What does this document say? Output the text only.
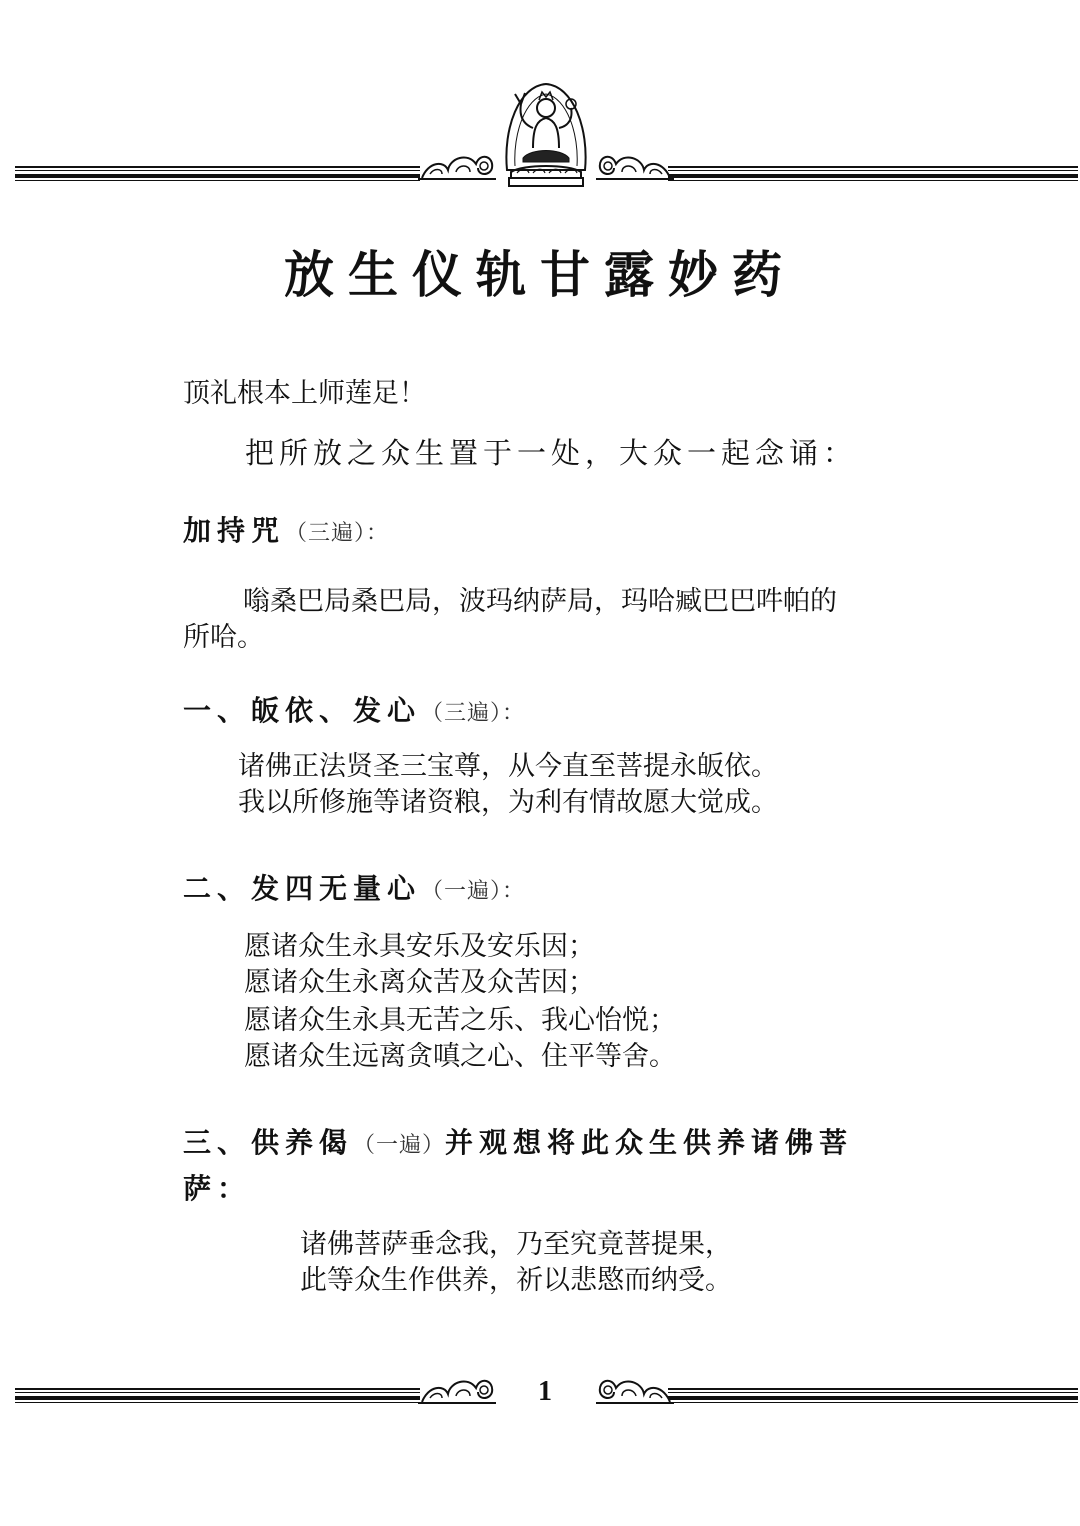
放生仪轨甘露妙药
顶礼根本上师莲足！
把所放之众生置于一处，大众一起念诵：
加持咒（三遍）：
嗡桑巴局桑巴局，波玛纳萨局，玛哈臧巴巴吽帕的
所哈。
一、皈依、发心（三遍）：
诸佛正法贤圣三宝尊，从今直至菩提永皈依。
我以所修施等诸资粮，为利有情故愿大觉成。
二、发四无量心（一遍）：
愿诸众生永具安乐及安乐因；
愿诸众生永离众苦及众苦因；
愿诸众生永具无苦之乐、我心怡悦；
愿诸众生远离贪嗔之心、住平等舍。
三、供养偈（一遍）并观想将此众生供养诸佛菩
萨：
诸佛菩萨垂念我，乃至究竟菩提果，
此等众生作供养，祈以悲愍而纳受。
1
